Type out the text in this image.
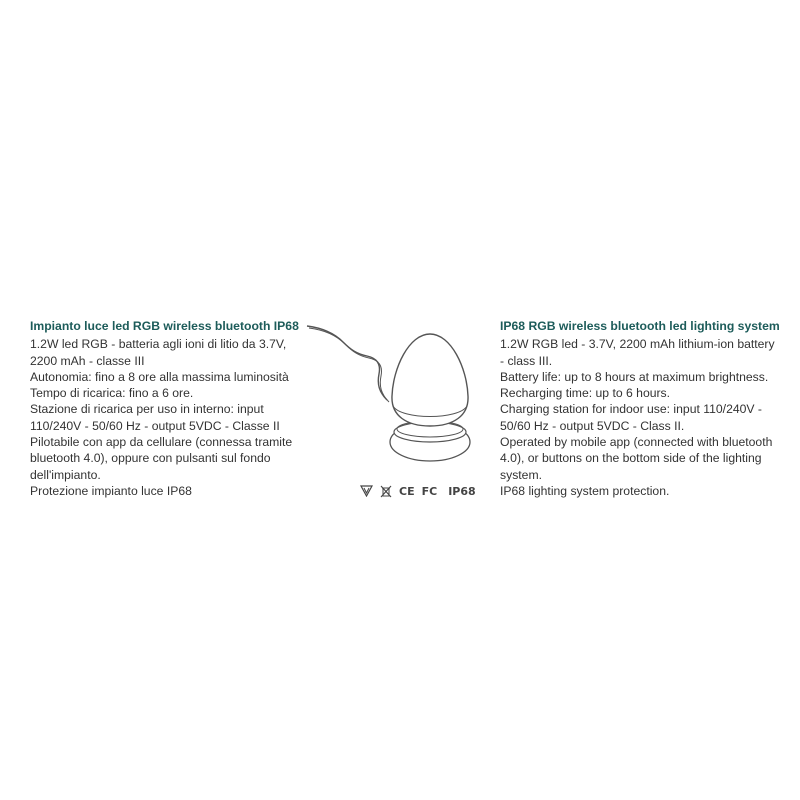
Impianto luce led RGB wireless bluetooth IP68

1.2W led RGB - batteria agli ioni di litio da 3.7V, 2200 mAh - classe III

Autonomia: fino a 8 ore alla massima luminosità

Tempo di ricarica: fino a 6 ore.

Stazione di ricarica per uso in interno: input 110/240V - 50/60 Hz - output 5VDC - Classe II

Pilotabile con app da cellulare (connessa tramite bluetooth 4.0), oppure con pulsanti sul fondo dell'impianto.

Protezione impianto luce IP68	CE FC IP68
IP68 RGB wireless bluetooth led lighting system

1.2W RGB led - 3.7V, 2200 mAh lithium-ion battery - class III.

Battery life: up to 8 hours at maximum brightness.

Recharging time: up to 6 hours.

Charging station for indoor use: input 110/240V - 50/60 Hz - output 5VDC - Class II.

Operated by mobile app (connected with bluetooth 4.0), or buttons on the bottom side of the lighting system.

IP68 lighting system protection.
